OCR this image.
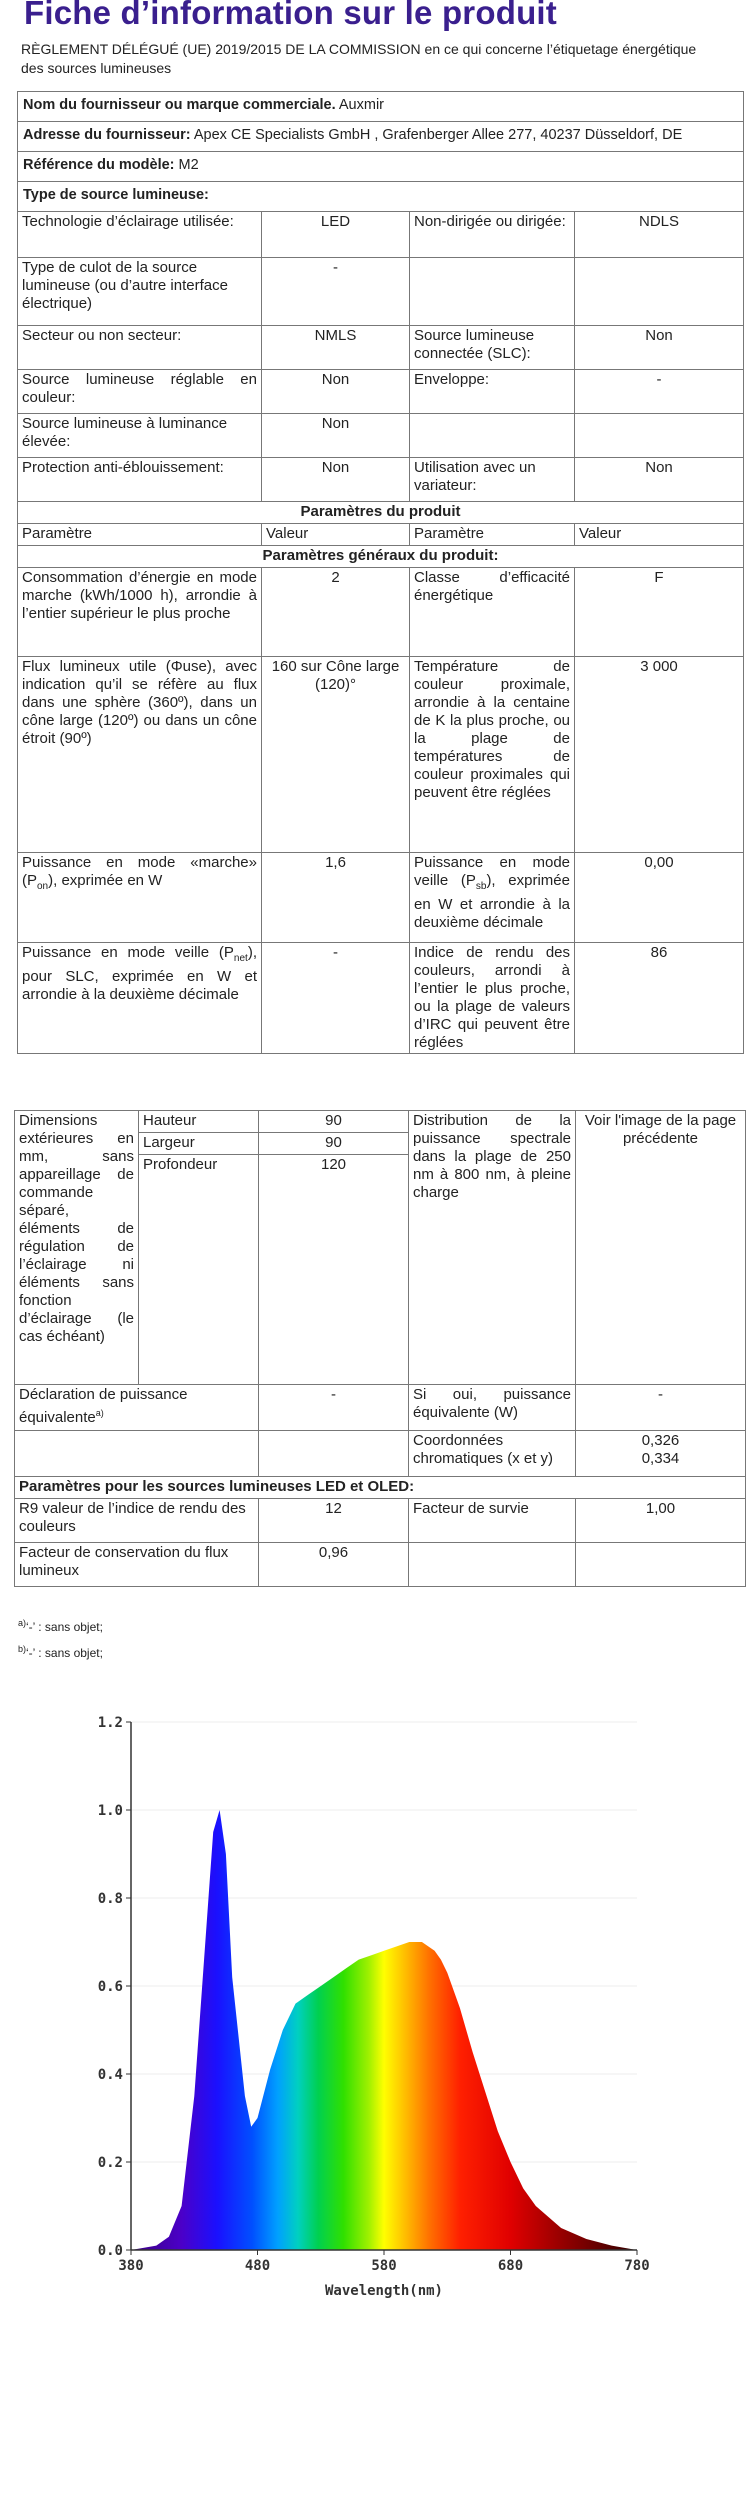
Fiche d’information sur le produit
RÈGLEMENT DÉLÉGUÉ (UE) 2019/2015 DE LA COMMISSION en ce qui concerne l’étiquetage énergétique des sources lumineuses
Nom du fournisseur ou marque commerciale. Auxmir			
Adresse du fournisseur: Apex CE Specialists GmbH , Grafenberger Allee 277, 40237 Düsseldorf, DE			
Référence du modèle: M2			
Type de source lumineuse:			
Technologie d’éclairage utilisée:	LED	Non-dirigée ou dirigée:	NDLS
Type de culot de la source lumineuse (ou d’autre interface électrique)	-		
Secteur ou non secteur:	NMLS	Source lumineuse connectée (SLC):	Non
Source lumineuse réglable en couleur:	Non	Enveloppe:	-
Source lumineuse à luminance élevée:	Non		
Protection anti-éblouissement:	Non	Utilisation avec un variateur:	Non
Paramètres du produit			
Paramètre	Valeur	Paramètre	Valeur
Paramètres généraux du produit:			
Consommation d’énergie en mode marche (kWh/1000 h), arrondie à l’entier supérieur le plus proche	2	Classe d’efficacité énergétique	F
Flux lumineux utile (Φuse), avec indication qu’il se réfère au flux dans une sphère (360º), dans un cône large (120º) ou dans un cône étroit (90º)	160 sur Cône large (120)°	Température de couleur proximale, arrondie à la centaine de K la plus proche, ou la plage de températures de couleur proximales qui peuvent être réglées	3 000
Puissance en mode «marche» $(P_{on})$, exprimée en W	1,6	Puissance en mode veille $(P_{sb})$, exprimée en W et arrondie à la deuxième décimale	0,00
Puissance en mode veille $(P_{net})$, pour SLC, exprimée en W et arrondie à la deuxième décimale	-	Indice de rendu des couleurs, arrondi à l’entier le plus proche, ou la plage de valeurs d’IRC qui peuvent être réglées	86
Dimensions extérieures en mm, sans appareillage de commande séparé, éléments de régulation de l’éclairage ni éléments sans fonction d’éclairage (le cas échéant)	Hauteur	90	Distribution de la puissance spectrale dans la plage de 250 nm à 800 nm, à pleine charge	Voir l'image de la page précédente
	Largeur	90		
	Profondeur	120		
Déclaration de puissance équivalente$^{a)}$		-	Si oui, puissance équivalente (W)	-
			Coordonnées chromatiques (x et y)	0,326
0,334

Paramètres pour les sources lumineuses LED et OLED:				
R9 valeur de l’indice de rendu des couleurs		12	Facteur de survie	1,00
Facteur de conservation du flux lumineux		0,96		
$^{a)}$‘-’ : sans objet;
$^{b)}$‘-’ : sans objet;
0.0
0.2
0.4
0.6
0.8
1.0
1.2
380	480	580	680	780
Wavelength(nm)
